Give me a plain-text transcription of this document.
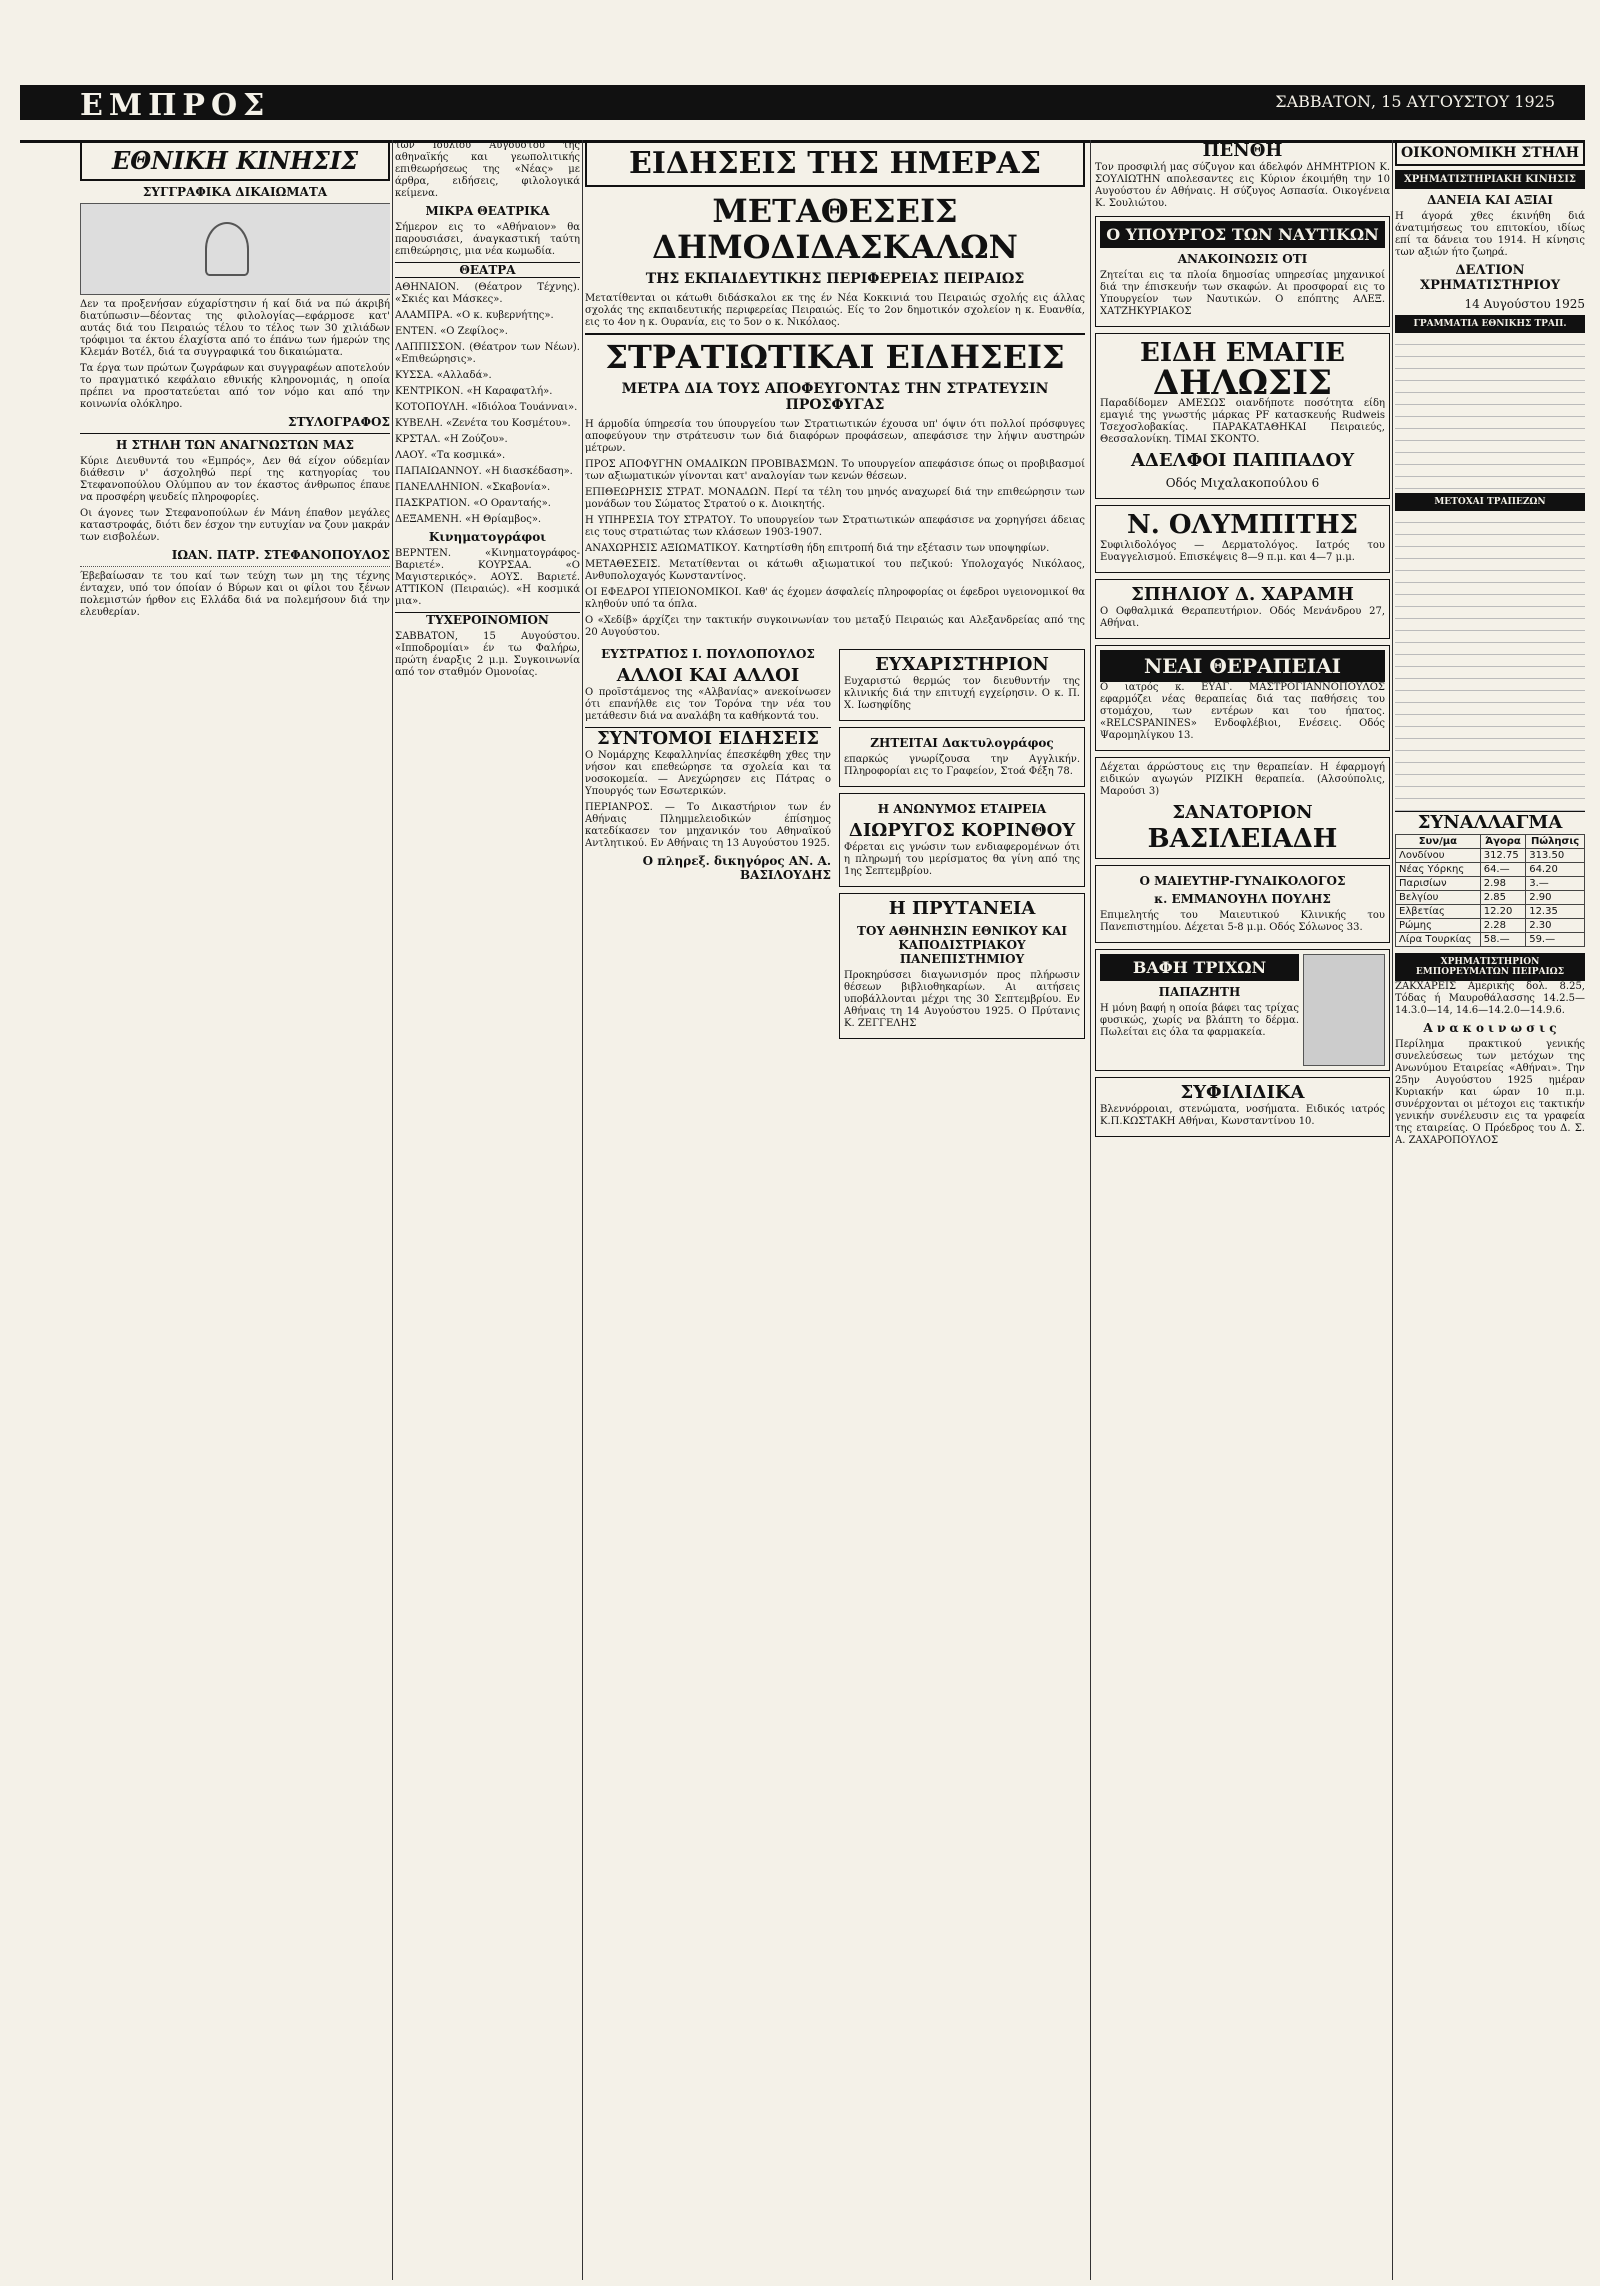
ΕΜΠΡΟΣ	ΣΑΒΒΑΤΟΝ, 15 ΑΥΓΟΥΣΤΟΥ 1925
ΕΘΝΙΚΗ ΚΙΝΗΣΙΣ
ΣΥΓΓΡΑΦΙΚΑ ΔΙΚΑΙΩΜΑΤΑ

Δεν τα προξενήσαν εύχαρίστησιν ή καί διά να πώ άκριβή διατύπωσιν—δέοντας της φιλολογίας—εφάρμοσε κατ' αυτάς διά του Πειραιώς τέλου το τέλος των 30 χιλιάδων τρόφιμοι τα έκτου έλαχίστα από το έπάνω των ήμερών της Κλεμάν Βοτέλ, διά τα συγγραφικά του δικαιώματα.

Τα έργα των πρώτων ζωγράφων και συγγραφέων αποτελούν το πραγματικό κεφάλαιο εθνικής κληρονομιάς, η οποία πρέπει να προστατεύεται από τον νόμο και από την κοινωνία ολόκληρο.

ΣΤΥΛΟΓΡΑΦΟΣ
Η ΣΤΗΛΗ ΤΩΝ ΑΝΑΓΝΩΣΤΩΝ ΜΑΣ

Κύριε Διευθυντά του «Εμπρός», Δεν θά είχον ούδεμίαν διάθεσιν ν' άσχοληθώ περί της κατηγορίας του Στεφανοπούλου Ολύμπου αν τον έκαστος άνθρωπος έπαυε να προσφέρη ψευδείς πληροφορίες.

Οι άγονες των Στεφανοπούλων έν Μάνη έπαθον μεγάλες καταστροφάς, διότι δεν έσχον την ευτυχίαν να ζουν μακράν των εισβολέων.

ΙΩΑΝ. ΠΑΤΡ. ΣΤΕΦΑΝΟΠΟΥΛΟΣ

Έβεβαίωσαν τε του καί των τεύχη των μη της τέχνης ένταχεν, υπό τον όποίαν ό Βύρων και οι φίλοι του ξένων πολεμιστών ήρθον εις Ελλάδα διά να πολεμήσουν διά την ελευθερίαν.

των Ιουλίου Αύγουστου της αθηναϊκής και γεωπολιτικής επιθεωρήσεως της «Νέας» με άρθρα, ειδήσεις, φιλολογικά κείμενα.

ΜΙΚΡΑ ΘΕΑΤΡΙΚΑ

Σήμερον εις το «Αθήναιον» θα παρουσιάσει, άναγκαστική ταύτη επιθεώρησις, μια νέα κωμωδία.

ΘΕΑΤΡΑ

ΑΘΗΝΑΙΟΝ. (Θέατρον Τέχνης). «Σκιές και Μάσκες».

ΑΛΑΜΠΡΑ. «Ο κ. κυβερνήτης».

ΕΝΤΕΝ. «Ο Ζεφίλος».

ΛΑΠΠΙΣΣΟΝ. (Θέατρον των Νέων). «Επιθεώρησις».

ΚΥΣΣΑ. «Αλλαδά».

ΚΕΝΤΡΙΚΟΝ. «Η Καραφατλή».

ΚΟΤΟΠΟΥΛΗ. «Ιδιόλοα Τουάνναι».

ΚΥΒΕΛΗ. «Ζενέτα του Κοσμέτου».

ΚΡΣΤΑΛ. «Η Ζούζου».

ΛΑΟΥ. «Τα κοσμικά».

ΠΑΠΑΙΩΑΝΝΟΥ. «Η διασκέδαση».

ΠΑΝΕΛΛΗΝΙΟΝ. «Σκαβονία».

ΠΑΣΚΡΑΤΙΟΝ. «Ο Ορανταής».

ΔΕΞΑΜΕΝΗ. «Η Θρίαμβος».

Κινηματογράφοι

ΒΕΡΝΤΕΝ. «Κινηματογράφος-Βαριετέ». ΚΟΥΡΣΑΑ. «Ο Μαγιστερικός». ΑΟΥΣ. Βαριετέ. ΑΤΤΙΚΟΝ (Πειραιώς). «Η κοσμικά μια».

ΤΥΧΕΡΟΙΝΟΜΙΟΝ

ΣΑΒΒΑΤΟΝ, 15 Αυγούστου. «Ιπποδρομίαι» έν τω Φαλήρω, πρώτη έναρξις 2 μ.μ. Συγκοινωνία από τον σταθμόν Ομονοίας.

ΕΙΔΗΣΕΙΣ ΤΗΣ ΗΜΕΡΑΣ
ΜΕΤΑΘΕΣΕΙΣ ΔΗΜΟΔΙΔΑΣΚΑΛΩΝ
ΤΗΣ ΕΚΠΑΙΔΕΥΤΙΚΗΣ ΠΕΡΙΦΕΡΕΙΑΣ ΠΕΙΡΑΙΩΣ

Μετατίθενται οι κάτωθι διδάσκαλοι εκ της έν Νέα Κοκκινιά του Πειραιώς σχολής εις άλλας σχολάς της εκπαιδευτικής περιφερείας Πειραιώς. Είς το 2ον δημοτικόν σχολείον η κ. Ευανθία, εις το 4ον η κ. Ουρανία, εις το 5ον ο κ. Νικόλαος.

ΣΤΡΑΤΙΩΤΙΚΑΙ ΕΙΔΗΣΕΙΣ
ΜΕΤΡΑ ΔΙΑ ΤΟΥΣ ΑΠΟΦΕΥΓΟΝΤΑΣ ΤΗΝ ΣΤΡΑΤΕΥΣΙΝ ΠΡΟΣΦΥΓΑΣ

Η άρμοδία ύπηρεσία του ύπουργείου των Στρατιωτικών έχουσα υπ' όψιν ότι πολλοί πρόσφυγες αποφεύγουν την στράτευσιν των διά διαφόρων προφάσεων, απεφάσισε την λήψιν αυστηρών μέτρων.

ΠΡΟΣ ΑΠΟΦΥΓΗΝ ΟΜΑΔΙΚΩΝ ΠΡΟΒΙΒΑΣΜΩΝ. Το υπουργείον απεφάσισε όπως οι προβιβασμοί των αξιωματικών γίνονται κατ' αναλογίαν των κενών θέσεων.

ΕΠΙΘΕΩΡΗΣΙΣ ΣΤΡΑΤ. ΜΟΝΑΔΩΝ. Περί τα τέλη του μηνός αναχωρεί διά την επιθεώρησιν των μονάδων του Σώματος Στρατού ο κ. Διοικητής.

Η ΥΠΗΡΕΣΙΑ ΤΟΥ ΣΤΡΑΤΟΥ. Το υπουργείον των Στρατιωτικών απεφάσισε να χορηγήσει άδειας εις τους στρατιώτας των κλάσεων 1903-1907.

ΑΝΑΧΩΡΗΣΙΣ ΑΞΙΩΜΑΤΙΚΟΥ. Κατηρτίσθη ήδη επιτροπή διά την εξέτασιν των υποψηφίων.

ΜΕΤΑΘΕΣΕΙΣ. Μετατίθενται οι κάτωθι αξιωματικοί του πεζικού: Υπολοχαγός Νικόλαος, Ανθυπολοχαγός Κωνσταντίνος.

ΟΙ ΕΦΕΔΡΟΙ ΥΠΕΙΟΝΟΜΙΚΟΙ. Καθ' άς έχομεν άσφαλείς πληροφορίας οι έφεδροι υγειονομικοί θα κληθούν υπό τα όπλα.

Ο «Χεδίβ» άρχίζει την τακτικήν συγκοινωνίαν του μεταξύ Πειραιώς και Αλεξανδρείας από της 20 Αυγούστου.

ΕΥΣΤΡΑΤΙΟΣ Ι. ΠΟΥΛΟΠΟΥΛΟΣ
ΑΛΛΟΙ ΚΑΙ ΑΛΛΟΙ

Ο προϊστάμενος της «Αλβανίας» ανεκοίνωσεν ότι επανήλθε εις τον Τορόνα την νέα του μετάθεσιν διά να αναλάβη τα καθήκοντά του.

ΣΥΝΤΟΜΟΙ ΕΙΔΗΣΕΙΣ

Ο Νομάρχης Κεφαλληνίας έπεσκέφθη χθες την νήσον και επεθεώρησε τα σχολεία και τα νοσοκομεία. — Ανεχώρησεν εις Πάτρας ο Υπουργός των Εσωτερικών.

ΠΕΡΙΑΝΡΟΣ. — Το Δικαστήριον των έν Αθήναις Πλημμελειοδικών έπίσημος κατεδίκασεν τον μηχανικόν του Αθηναϊκού Αντλητικού. Εν Αθήναις τη 13 Αυγούστου 1925.

Ο πληρεξ. δικηγόρος ΑΝ. Α. ΒΑΣΙΛΟΥΔΗΣ
ΕΥΧΑΡΙΣΤΗΡΙΟΝ

Ευχαριστώ θερμώς τον διευθυντήν της κλινικής διά την επιτυχή εγχείρησιν. Ο κ. Π. Χ. Ιωσηφίδης

ΖΗΤΕΙΤΑΙ Δακτυλογράφος

επαρκώς γνωρίζουσα την Αγγλικήν. Πληροφορίαι εις το Γραφείον, Στοά Φέξη 78.

Η ΑΝΩΝΥΜΟΣ ΕΤΑΙΡΕΙΑ
ΔΙΩΡΥΓΟΣ ΚΟΡΙΝΘΟΥ

Φέρεται εις γνώσιν των ενδιαφερομένων ότι η πληρωμή του μερίσματος θα γίνη από της 1ης Σεπτεμβρίου.

Η ΠΡΥΤΑΝΕΙΑ
ΤΟΥ ΑΘΗΝΗΣΙΝ ΕΘΝΙΚΟΥ ΚΑΙ ΚΑΠΟΔΙΣΤΡΙΑΚΟΥ ΠΑΝΕΠΙΣΤΗΜΙΟΥ

Προκηρύσσει διαγωνισμόν προς πλήρωσιν θέσεων βιβλιοθηκαρίων. Αι αιτήσεις υποβάλλονται μέχρι της 30 Σεπτεμβρίου. Εν Αθήναις τη 14 Αυγούστου 1925. Ο Πρύτανις Κ. ΖΕΓΓΕΛΗΣ

ΠΕΝΘΗ

Τον προσφιλή μας σύζυγον και άδελφόν ΔΗΜΗΤΡΙΟΝ Κ. ΣΟΥΛΙΩΤΗΝ απολεσαντες εις Κύριον έκοιμήθη την 10 Αυγούστου έν Αθήναις. Η σύζυγος Ασπασία. Οικογένεια Κ. Σουλιώτου.

Ο ΥΠΟΥΡΓΟΣ ΤΩΝ ΝΑΥΤΙΚΩΝ
ΑΝΑΚΟΙΝΩΣΙΣ ΟΤΙ

Ζητείται εις τα πλοία δημοσίας υπηρεσίας μηχανικοί διά την έπισκευήν των σκαφών. Αι προσφοραί εις το Υπουργείον των Ναυτικών. Ο επόπτης ΑΛΕΞ. ΧΑΤΖΗΚΥΡΙΑΚΟΣ

ΕΙΔΗ ΕΜΑΓΙΕ
ΔΗΛΩΣΙΣ

Παραδίδομεν ΑΜΕΣΩΣ οιανδήποτε ποσότητα είδη εμαγιέ της γνωστής μάρκας PF κατασκευής Rudweis Τσεχοσλοβακίας. ΠΑΡΑΚΑΤΑΘΗΚΑΙ Πειραιεύς, Θεσσαλονίκη. ΤΙΜΑΙ ΣΚΟΝΤΟ.

ΑΔΕΛΦΟΙ ΠΑΠΠΑΔΟΥ
Οδός Μιχαλακοπούλου 6
Ν. ΟΛΥΜΠΙΤΗΣ

Συφιλιδολόγος — Δερματολόγος. Ιατρός του Ευαγγελισμού. Επισκέψεις 8—9 π.μ. και 4—7 μ.μ.

ΣΠΗΛΙΟΥ Δ. ΧΑΡΑΜΗ

Ο Οφθαλμικά Θεραπευτήριον. Οδός Μενάνδρου 27, Αθήναι.

ΝΕΑΙ ΘΕΡΑΠΕΙΑΙ

Ο ιατρός κ. ΕΥΑΓ. ΜΑΣΤΡΟΓΙΑΝΝΟΠΟΥΛΟΣ εφαρμόζει νέας θεραπείας διά τας παθήσεις του στομάχου, των εντέρων και του ήπατος. «RELCSPANINES» Ενδοφλέβιοι, Ενέσεις. Οδός Ψαρομηλίγκου 13.

Δέχεται άρρώστους εις την θεραπείαν. Η έφαρμογή ειδικών αγωγών ΡΙΖΙΚΗ θεραπεία. (Αλσούπολις, Μαρούσι 3)

ΣΑΝΑΤΟΡΙΟΝ
ΒΑΣΙΛΕΙΑΔΗ
Ο ΜΑΙΕΥΤΗΡ-ΓΥΝΑΙΚΟΛΟΓΟΣ
κ. ΕΜΜΑΝΟΥΗΛ ΠΟΥΛΗΣ

Επιμελητής του Μαιευτικού Κλινικής του Πανεπιστημίου. Δέχεται 5-8 μ.μ. Οδός Σόλωνος 33.

ΒΑΦΗ ΤΡΙΧΩΝ
ΠΑΠΑΖΗΤΗ

Η μόνη βαφή η οποία βάφει τας τρίχας φυσικώς, χωρίς να βλάπτη το δέρμα. Πωλείται εις όλα τα φαρμακεία.

ΣΥΦΙΛΙΔΙΚΑ

Βλεννόρροιαι, στενώματα, νοσήματα. Ειδικός ιατρός Κ.Π.ΚΩΣΤΑΚΗ Αθήναι, Κωνσταντίνου 10.

ΟΙΚΟΝΟΜΙΚΗ ΣΤΗΛΗ
ΧΡΗΜΑΤΙΣΤΗΡΙΑΚΗ ΚΙΝΗΣΙΣ
ΔΑΝΕΙΑ ΚΑΙ ΑΞΙΑΙ

Η άγορά χθες έκινήθη διά άνατιμήσεως του επιτοκίου, ιδίως επί τα δάνεια του 1914. Η κίνησις των αξιών ήτο ζωηρά.

ΔΕΛΤΙΟΝ ΧΡΗΜΑΤΙΣΤΗΡΙΟΥ
14 Αυγούστου 1925
ΓΡΑΜΜΑΤΙΑ ΕΘΝΙΚΗΣ ΤΡΑΠ.
ΜΕΤΟΧΑΙ ΤΡΑΠΕΖΩΝ
ΣΥΝΑΛΛΑΓΜΑ
Συν/μα	Άγορα	Πώλησις
Λονδίνου	312.75	313.50
Νέας Υόρκης	64.—	64.20
Παρισίων	2.98	3.—
Βελγίου	2.85	2.90
Ελβετίας	12.20	12.35
Ρώμης	2.28	2.30
Λίρα Τουρκίας	58.—	59.—
ΧΡΗΜΑΤΙΣΤΗΡΙΟΝ ΕΜΠΟΡΕΥΜΑΤΩΝ ΠΕΙΡΑΙΩΣ

ΖΑΚΧΑΡΕΙΣ Αμερικής δολ. 8.25, Τόδας ή Μαυροθάλασσης 14.2.5—14.3.0—14, 14.6—14.2.0—14.9.6.

Α ν α κ ο ι ν ω σ ι ς

Περίλημα πρακτικού γενικής συνελεύσεως των μετόχων της Ανωνύμου Εταιρείας «Αθήναι». Την 25ην Αυγούστου 1925 ημέραν Κυριακήν και ώραν 10 π.μ. συνέρχονται οι μέτοχοι εις τακτικήν γενικήν συνέλευσιν εις τα γραφεία της εταιρείας. Ο Πρόεδρος του Δ. Σ. Α. ΖΑΧΑΡΟΠΟΥΛΟΣ
